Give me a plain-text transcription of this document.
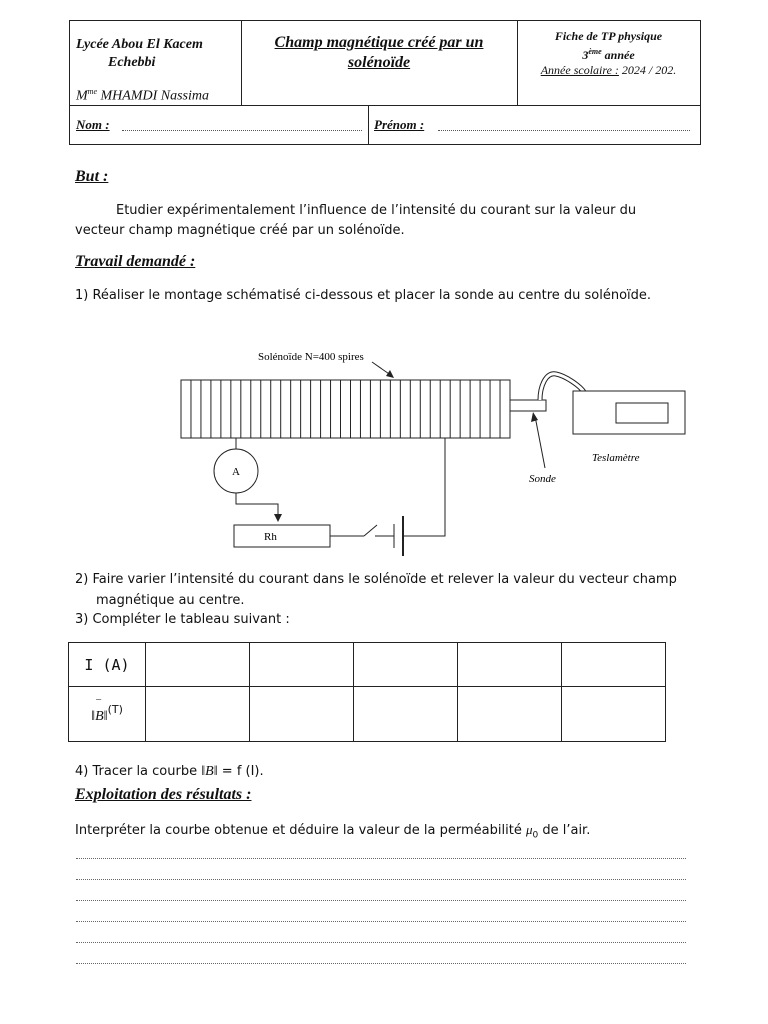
Lycée Abou El Kacem
Echebbi
$M^{me}$ MHAMDI Nassima
Champ magnétique créé par un
solénoïde
Fiche de TP physique
3ème année
Année scolaire : 2024 / 202.
Nom :	Prénom :
But :
Etudier expérimentalement l’influence de l’intensité du courant sur la valeur du
vecteur champ magnétique créé par un solénoïde.
Travail demandé :
1) Réaliser le montage schématisé ci-dessous et placer la sonde au centre du solénoïde.
Solénoïde N=400 spires
Sonde
Teslamètre
A
Rh
2) Faire varier l’intensité du courant dans le solénoïde et relever la valeur du vecteur champ
magnétique au centre.
3) Compléter le tableau suivant :
I (A)					
‖
¯
B‖$^{(T)}$					
4) Tracer la courbe ‖B‖ = f (I).
Exploitation des résultats :
Interpréter la courbe obtenue et déduire la valeur de la perméabilité $\mu_0$ de l’air.
